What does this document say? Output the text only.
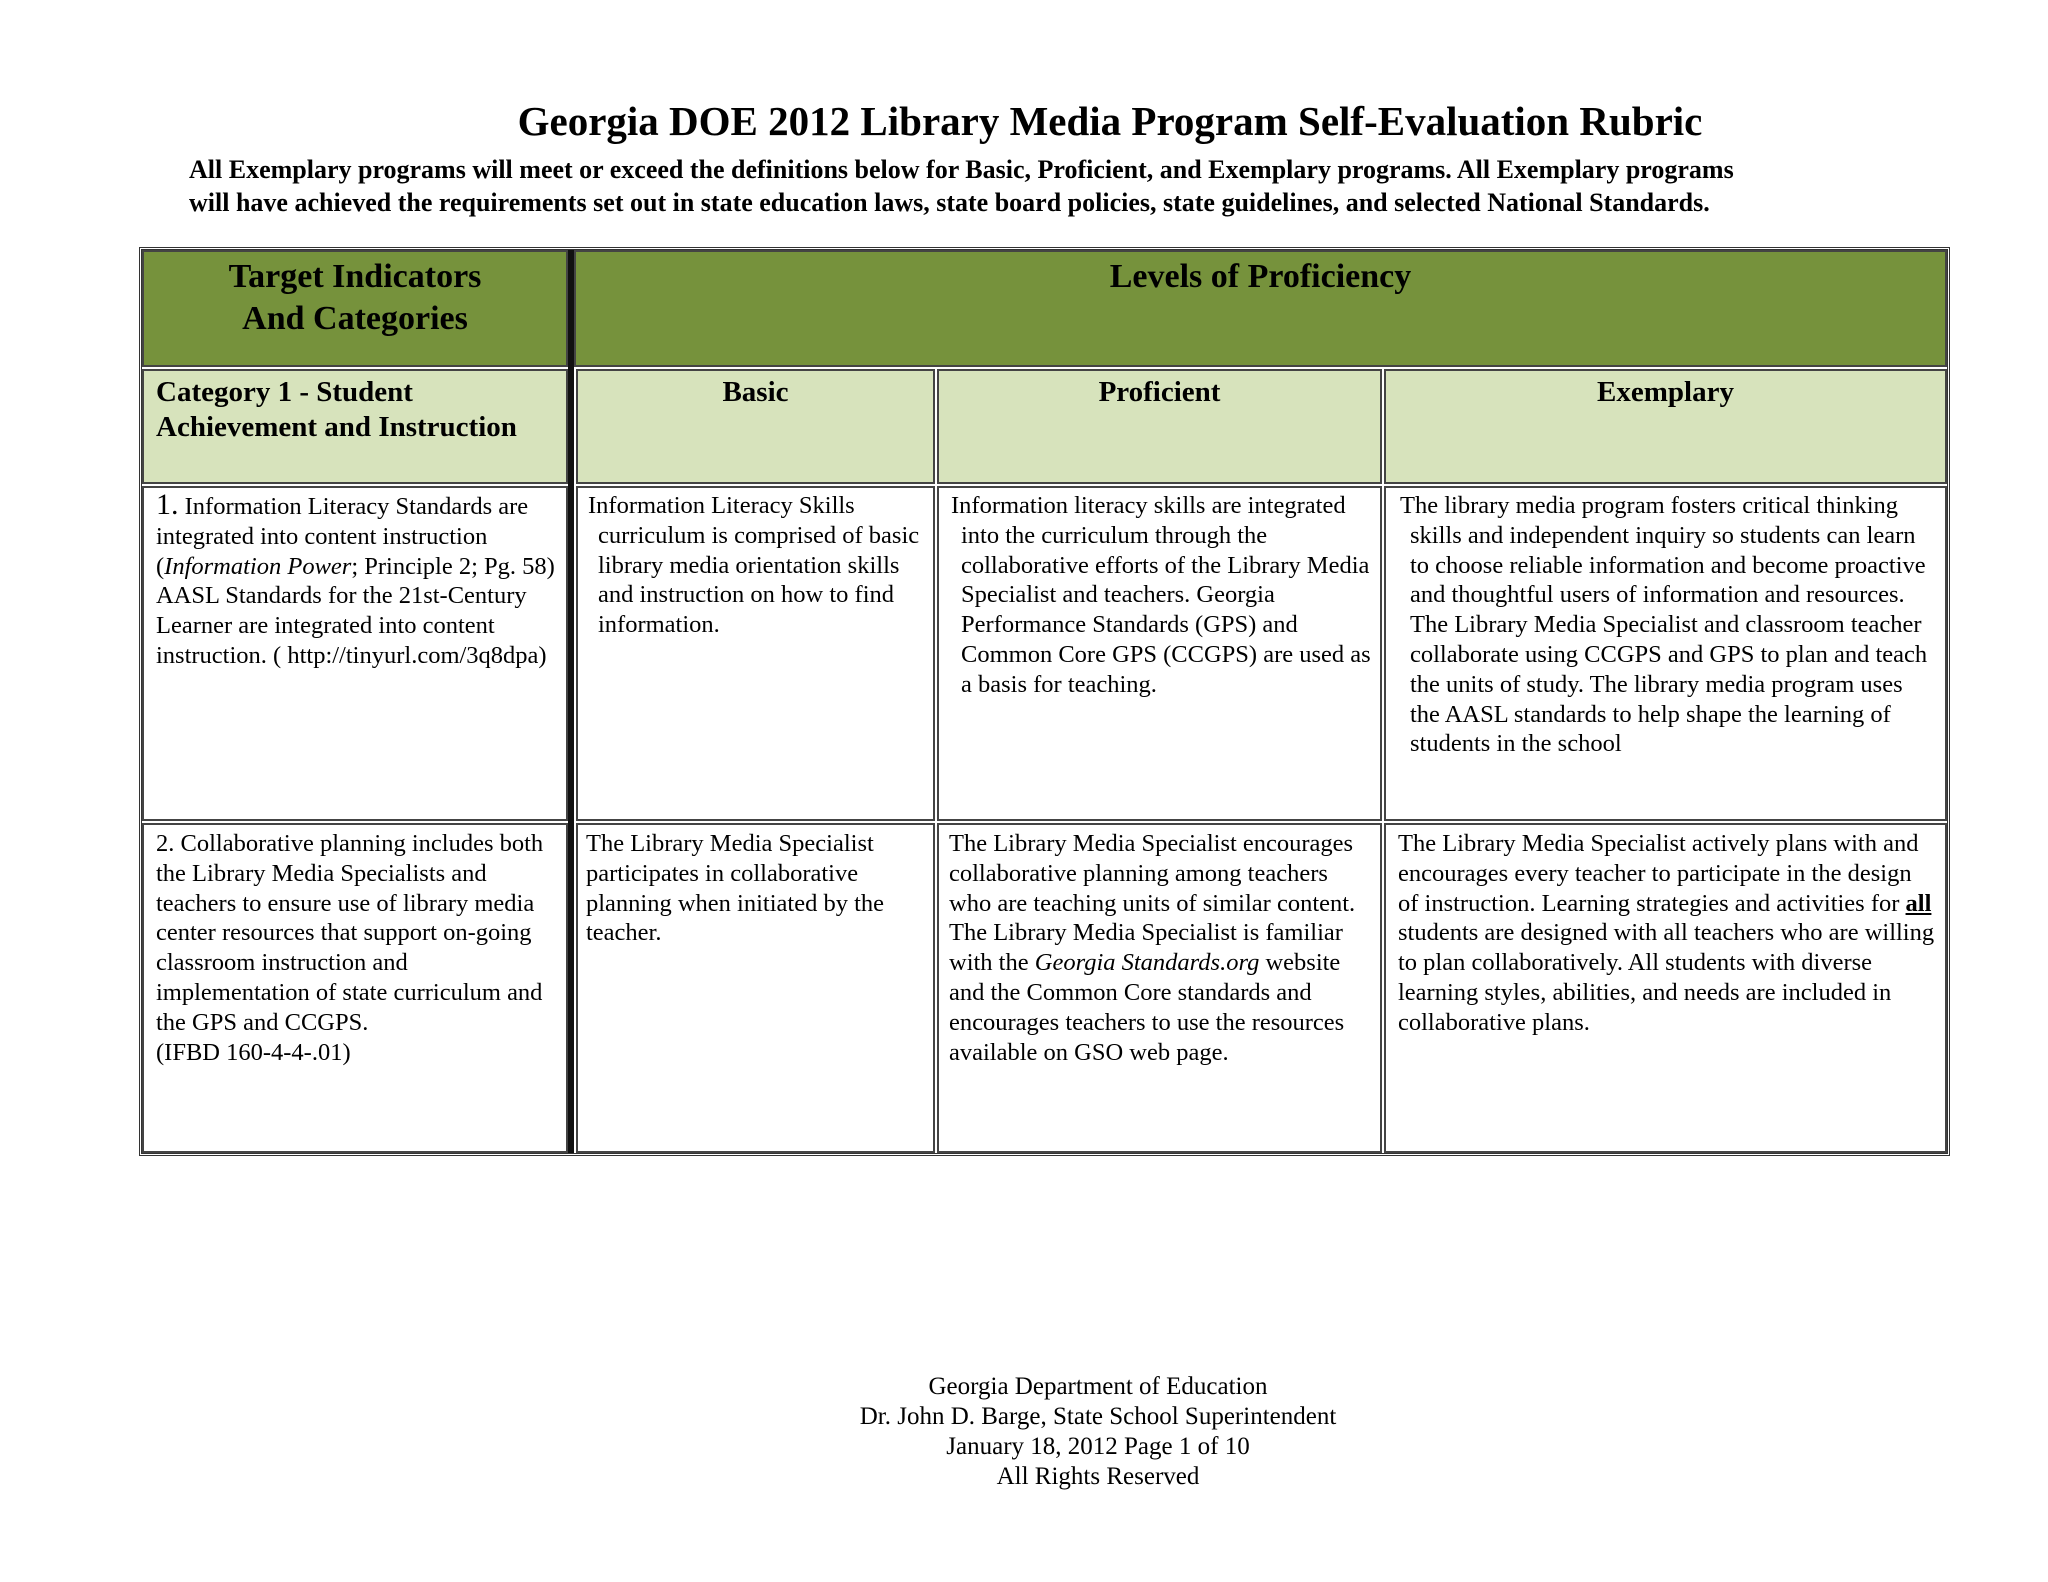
Georgia DOE 2012 Library Media Program Self-Evaluation Rubric
All Exemplary programs will meet or exceed the definitions below for Basic, Proficient, and Exemplary programs. All Exemplary programs
will have achieved the requirements set out in state education laws, state board policies, state guidelines, and selected National Standards.
Target Indicators
And Categories
Levels of Proficiency
Category 1 - Student
Achievement and Instruction
Basic	Proficient	Exemplary
1. Information Literacy Standards are integrated into content instruction (Information Power; Principle 2; Pg. 58)
AASL Standards for the 21st-Century Learner are integrated into content instruction. ( http://tinyurl.com/3q8dpa)
Information Literacy Skills curriculum is comprised of basic library media orientation skills and instruction on how to find information.
Information literacy skills are integrated into the curriculum through the collaborative efforts of the Library Media Specialist and teachers. Georgia Performance Standards (GPS) and Common Core GPS (CCGPS) are used as a basis for teaching.
The library media program fosters critical thinking skills and independent inquiry so students can learn to choose reliable information and become proactive and thoughtful users of information and resources. The Library Media Specialist and classroom teacher collaborate using CCGPS and GPS to plan and teach the units of study. The library media program uses the AASL standards to help shape the learning of students in the school
2. Collaborative planning includes both the Library Media Specialists and teachers to ensure use of library media center resources that support on-going classroom instruction and implementation of state curriculum and the GPS and CCGPS.
(IFBD 160-4-4-.01)
The Library Media Specialist participates in collaborative planning when initiated by the teacher.
The Library Media Specialist encourages collaborative planning among teachers who are teaching units of similar content. The Library Media Specialist is familiar with the Georgia Standards.org website and the Common Core standards and encourages teachers to use the resources available on GSO web page.
The Library Media Specialist actively plans with and encourages every teacher to participate in the design of instruction. Learning strategies and activities for all students are designed with all teachers who are willing to plan collaboratively. All students with diverse learning styles, abilities, and needs are included in collaborative plans.
Georgia Department of Education
Dr. John D. Barge, State School Superintendent
January 18, 2012 Page 1 of 10
All Rights Reserved
